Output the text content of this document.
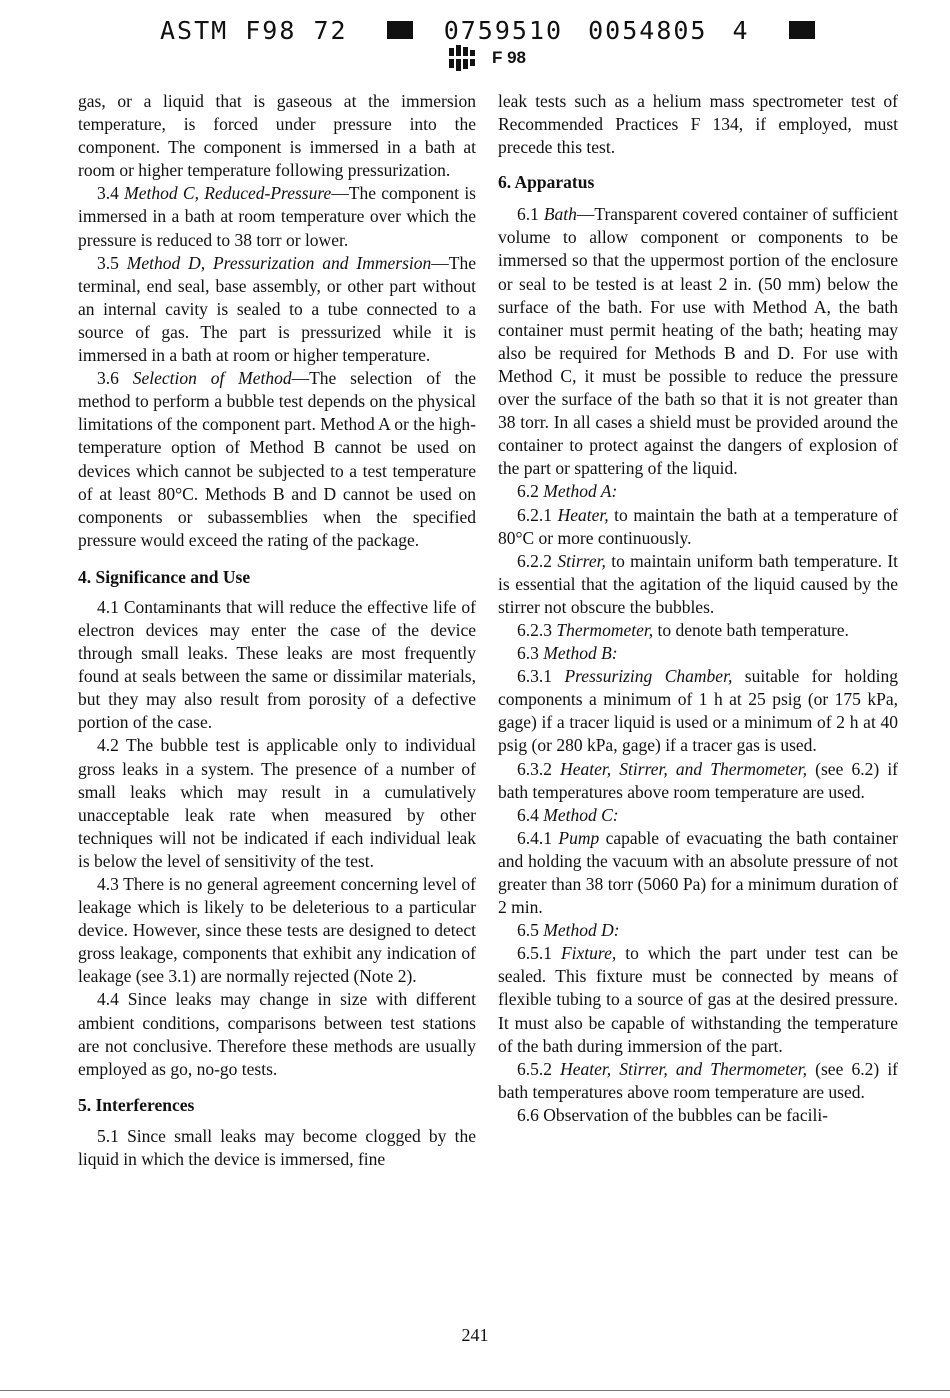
ASTM F98 72	0759510 0054805 4
F 98

gas, or a liquid that is gaseous at the immersion temperature, is forced under pressure into the component. The component is immersed in a bath at room or higher temperature following pressurization.

3.4 Method C, Reduced-Pressure—The component is immersed in a bath at room temperature over which the pressure is reduced to 38 torr or lower.

3.5 Method D, Pressurization and Immersion—The terminal, end seal, base assembly, or other part without an internal cavity is sealed to a tube connected to a source of gas. The part is pressurized while it is immersed in a bath at room or higher temperature.

3.6 Selection of Method—The selection of the method to perform a bubble test depends on the physical limitations of the component part. Method A or the high-temperature option of Method B cannot be used on devices which cannot be subjected to a test temperature of at least 80°C. Methods B and D cannot be used on components or subassemblies when the specified pressure would exceed the rating of the package.

4. Significance and Use

4.1 Contaminants that will reduce the effective life of electron devices may enter the case of the device through small leaks. These leaks are most frequently found at seals between the same or dissimilar materials, but they may also result from porosity of a defective portion of the case.

4.2 The bubble test is applicable only to individual gross leaks in a system. The presence of a number of small leaks which may result in a cumulatively unacceptable leak rate when measured by other techniques will not be indicated if each individual leak is below the level of sensitivity of the test.

4.3 There is no general agreement concerning level of leakage which is likely to be deleterious to a particular device. However, since these tests are designed to detect gross leakage, components that exhibit any indication of leakage (see 3.1) are normally rejected (Note 2).

4.4 Since leaks may change in size with different ambient conditions, comparisons between test stations are not conclusive. Therefore these methods are usually employed as go, no-go tests.

5. Interferences

5.1 Since small leaks may become clogged by the liquid in which the device is immersed, fine

leak tests such as a helium mass spectrometer test of Recommended Practices F 134, if employed, must precede this test.

6. Apparatus

6.1 Bath—Transparent covered container of sufficient volume to allow component or components to be immersed so that the uppermost portion of the enclosure or seal to be tested is at least 2 in. (50 mm) below the surface of the bath. For use with Method A, the bath container must permit heating of the bath; heating may also be required for Methods B and D. For use with Method C, it must be possible to reduce the pressure over the surface of the bath so that it is not greater than 38 torr. In all cases a shield must be provided around the container to protect against the dangers of explosion of the part or spattering of the liquid.

6.2 Method A:

6.2.1 Heater, to maintain the bath at a temperature of 80°C or more continuously.

6.2.2 Stirrer, to maintain uniform bath temperature. It is essential that the agitation of the liquid caused by the stirrer not obscure the bubbles.

6.2.3 Thermometer, to denote bath temperature.

6.3 Method B:

6.3.1 Pressurizing Chamber, suitable for holding components a minimum of 1 h at 25 psig (or 175 kPa, gage) if a tracer liquid is used or a minimum of 2 h at 40 psig (or 280 kPa, gage) if a tracer gas is used.

6.3.2 Heater, Stirrer, and Thermometer, (see 6.2) if bath temperatures above room temperature are used.

6.4 Method C:

6.4.1 Pump capable of evacuating the bath container and holding the vacuum with an absolute pressure of not greater than 38 torr (5060 Pa) for a minimum duration of 2 min.

6.5 Method D:

6.5.1 Fixture, to which the part under test can be sealed. This fixture must be connected by means of flexible tubing to a source of gas at the desired pressure. It must also be capable of withstanding the temperature of the bath during immersion of the part.

6.5.2 Heater, Stirrer, and Thermometer, (see 6.2) if bath temperatures above room temperature are used.

6.6 Observation of the bubbles can be facili-

241
